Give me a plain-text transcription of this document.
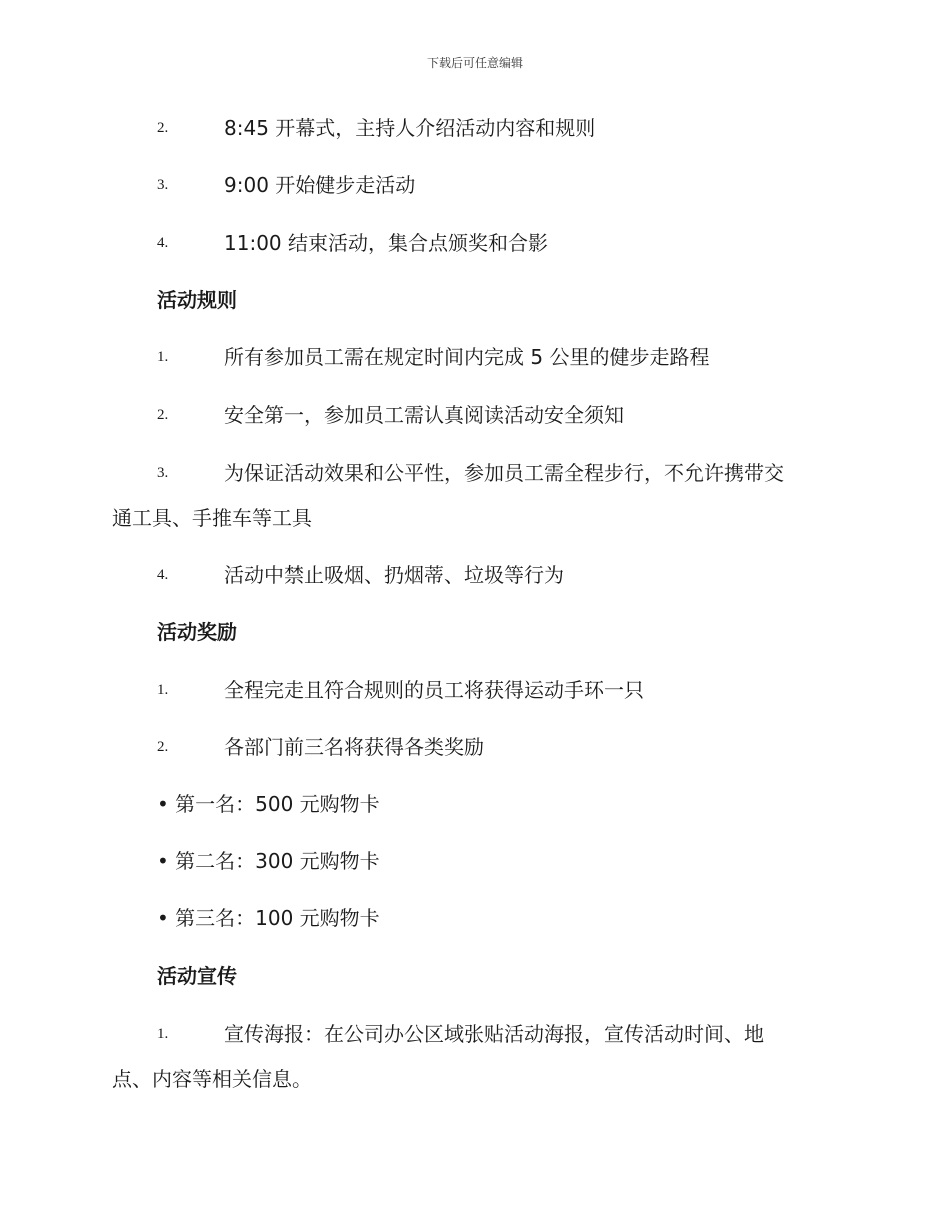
下载后可任意编辑
2.	8:45 开幕式，主持人介绍活动内容和规则
3.	9:00 开始健步走活动
4.	11:00 结束活动，集合点颁奖和合影
活动规则
1.	所有参加员工需在规定时间内完成 5 公里的健步走路程
2.	安全第一，参加员工需认真阅读活动安全须知
3.	为保证活动效果和公平性，参加员工需全程步行，不允许携带交
通工具、手推车等工具
4.	活动中禁止吸烟、扔烟蒂、垃圾等行为
活动奖励
1.	全程完走且符合规则的员工将获得运动手环一只
2.	各部门前三名将获得各类奖励
• 第一名：500 元购物卡
• 第二名：300 元购物卡
• 第三名：100 元购物卡
活动宣传
1.	宣传海报：在公司办公区域张贴活动海报，宣传活动时间、地
点、内容等相关信息。
